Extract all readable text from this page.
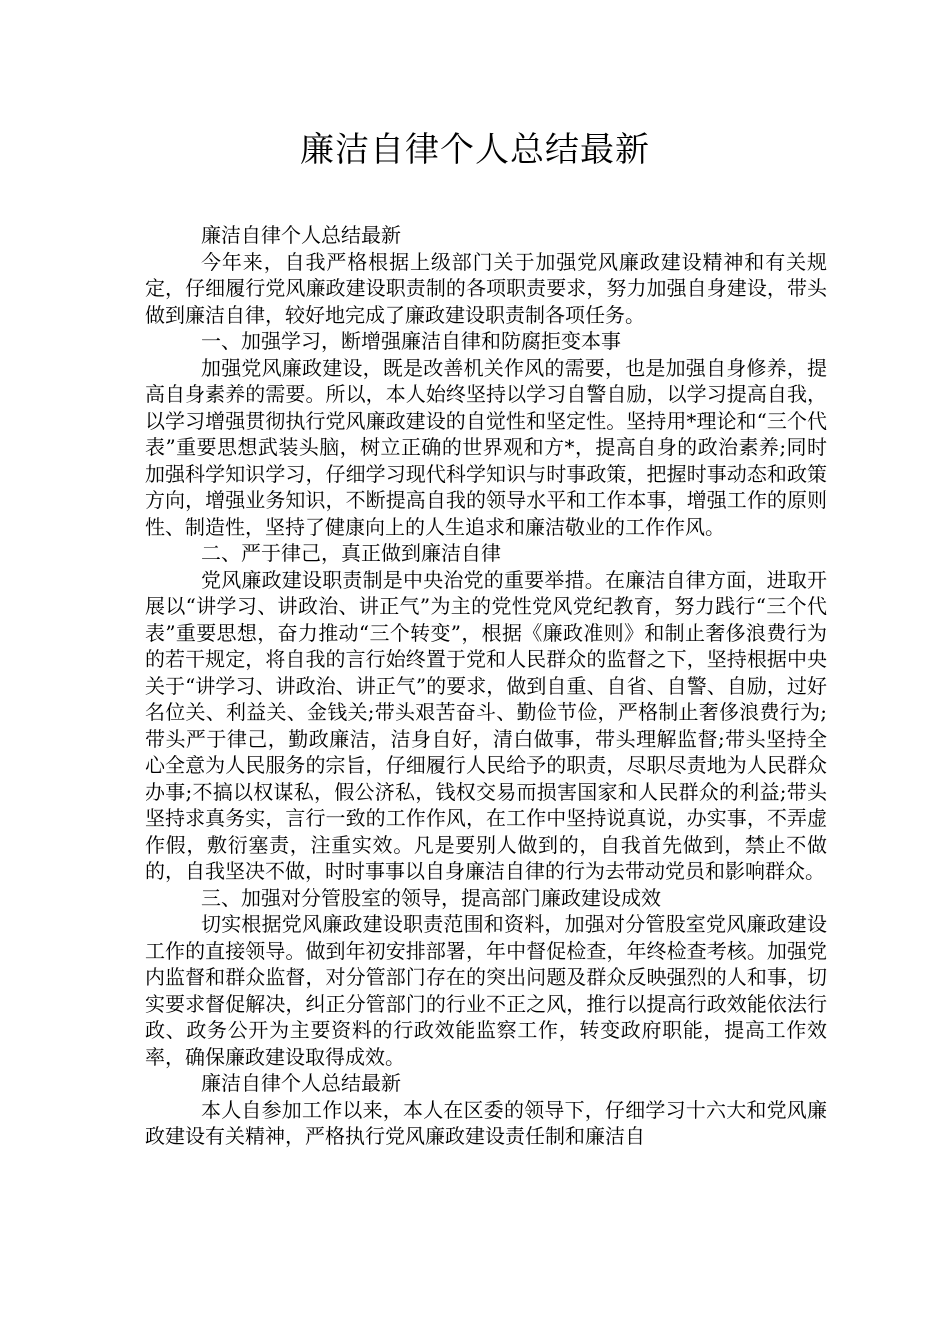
廉洁自律个人总结最新

廉洁自律个人总结最新

今年来，自我严格根据上级部门关于加强党风廉政建设精神和有关规定，仔细履行党风廉政建设职责制的各项职责要求，努力加强自身建设，带头做到廉洁自律，较好地完成了廉政建设职责制各项任务。

一、加强学习，断增强廉洁自律和防腐拒变本事

加强党风廉政建设，既是改善机关作风的需要，也是加强自身修养，提高自身素养的需要。所以，本人始终坚持以学习自警自励，以学习提高自我，以学习增强贯彻执行党风廉政建设的自觉性和坚定性。坚持用*理论和“三个代表”重要思想武装头脑，树立正确的世界观和方*，提高自身的政治素养;同时加强科学知识学习，仔细学习现代科学知识与时事政策，把握时事动态和政策方向，增强业务知识，不断提高自我的领导水平和工作本事，增强工作的原则性、制造性，坚持了健康向上的人生追求和廉洁敬业的工作作风。

二、严于律己，真正做到廉洁自律

党风廉政建设职责制是中央治党的重要举措。在廉洁自律方面，进取开展以“讲学习、讲政治、讲正气”为主的党性党风党纪教育，努力践行“三个代表”重要思想，奋力推动“三个转变”，根据《廉政准则》和制止奢侈浪费行为的若干规定，将自我的言行始终置于党和人民群众的监督之下，坚持根据中央关于“讲学习、讲政治、讲正气”的要求，做到自重、自省、自警、自励，过好名位关、利益关、金钱关;带头艰苦奋斗、勤俭节俭，严格制止奢侈浪费行为;带头严于律己，勤政廉洁，洁身自好，清白做事，带头理解监督;带头坚持全心全意为人民服务的宗旨，仔细履行人民给予的职责，尽职尽责地为人民群众办事;不搞以权谋私，假公济私，钱权交易而损害国家和人民群众的利益;带头坚持求真务实，言行一致的工作作风，在工作中坚持说真说，办实事，不弄虚作假，敷衍塞责，注重实效。凡是要别人做到的，自我首先做到，禁止不做的，自我坚决不做，时时事事以自身廉洁自律的行为去带动党员和影响群众。

三、加强对分管股室的领导，提高部门廉政建设成效

切实根据党风廉政建设职责范围和资料，加强对分管股室党风廉政建设工作的直接领导。做到年初安排部署，年中督促检查，年终检查考核。加强党内监督和群众监督，对分管部门存在的突出问题及群众反映强烈的人和事，切实要求督促解决，纠正分管部门的行业不正之风，推行以提高行政效能依法行政、政务公开为主要资料的行政效能监察工作，转变政府职能，提高工作效率，确保廉政建设取得成效。

廉洁自律个人总结最新

本人自参加工作以来，本人在区委的领导下，仔细学习十六大和党风廉政建设有关精神，严格执行党风廉政建设责任制和廉洁自
